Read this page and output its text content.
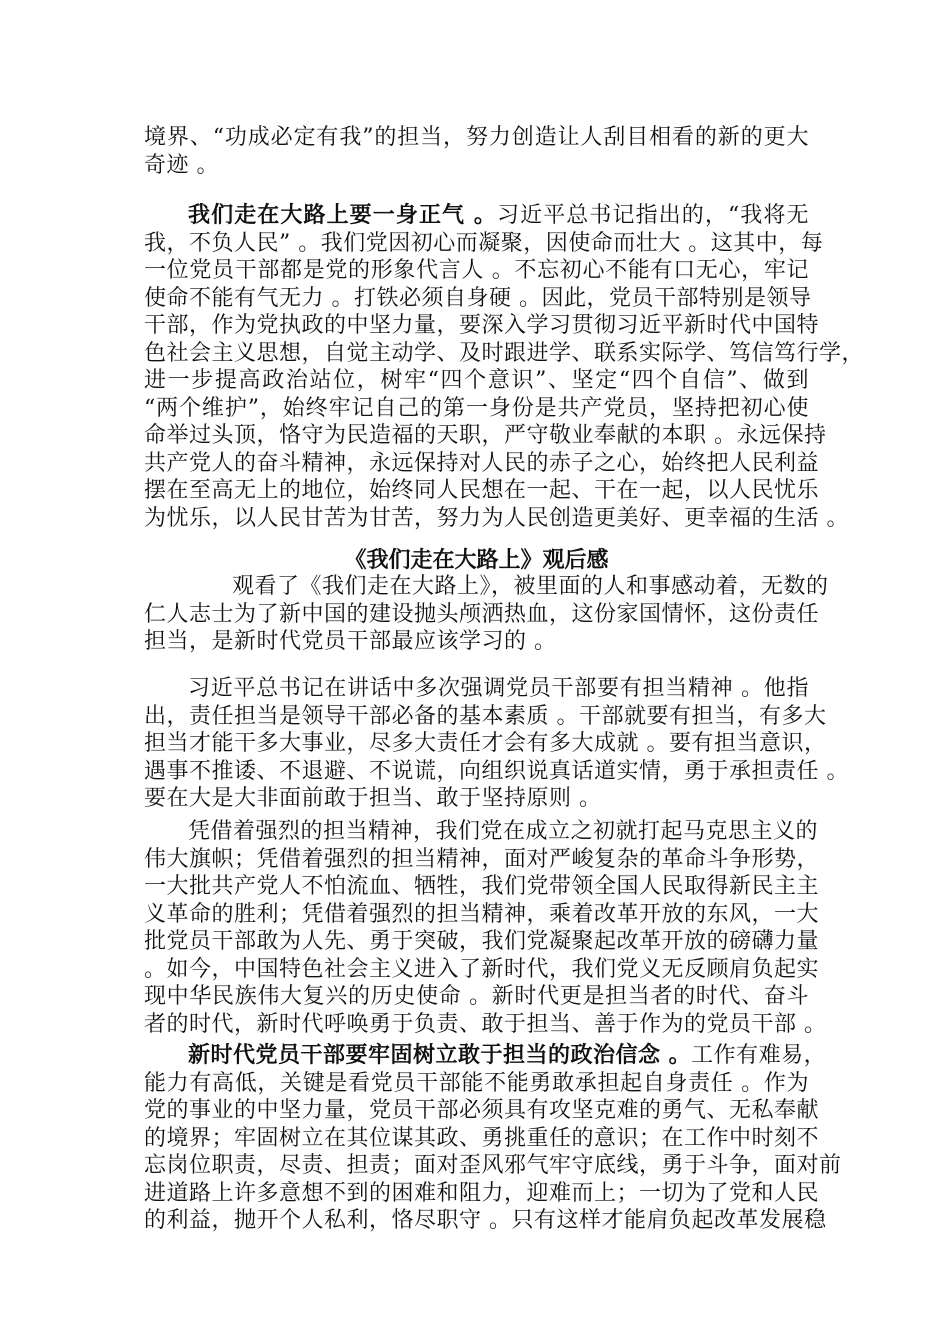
境界、“功成必定有我”的担当，努力创造让人刮目相看的新的更大
奇迹 。
我们走在大路上要一身正气 。习近平总书记指出的，“我将无
我，不负人民” 。我们党因初心而凝聚，因使命而壮大 。这其中，每
一位党员干部都是党的形象代言人 。不忘初心不能有口无心，牢记
使命不能有气无力 。打铁必须自身硬 。因此，党员干部特别是领导
干部，作为党执政的中坚力量，要深入学习贯彻习近平新时代中国特
色社会主义思想，自觉主动学、及时跟进学、联系实际学、笃信笃行学，
进一步提高政治站位，树牢“四个意识”、坚定“四个自信”、做到
“两个维护”，始终牢记自己的第一身份是共产党员，坚持把初心使
命举过头顶，恪守为民造福的天职，严守敬业奉献的本职 。永远保持
共产党人的奋斗精神，永远保持对人民的赤子之心，始终把人民利益
摆在至高无上的地位，始终同人民想在一起、干在一起，以人民忧乐
为忧乐，以人民甘苦为甘苦，努力为人民创造更美好、更幸福的生活 。
《我们走在大路上》观后感
观看了《我们走在大路上》，被里面的人和事感动着，无数的
仁人志士为了新中国的建设抛头颅洒热血，这份家国情怀，这份责任
担当，是新时代党员干部最应该学习的 。
习近平总书记在讲话中多次强调党员干部要有担当精神 。他指
出，责任担当是领导干部必备的基本素质 。干部就要有担当，有多大
担当才能干多大事业，尽多大责任才会有多大成就 。要有担当意识，
遇事不推诿、不退避、不说谎，向组织说真话道实情，勇于承担责任 。
要在大是大非面前敢于担当、敢于坚持原则 。
凭借着强烈的担当精神，我们党在成立之初就打起马克思主义的
伟大旗帜；凭借着强烈的担当精神，面对严峻复杂的革命斗争形势，
一大批共产党人不怕流血、牺牲，我们党带领全国人民取得新民主主
义革命的胜利；凭借着强烈的担当精神，乘着改革开放的东风，一大
批党员干部敢为人先、勇于突破，我们党凝聚起改革开放的磅礴力量
。如今，中国特色社会主义进入了新时代，我们党义无反顾肩负起实
现中华民族伟大复兴的历史使命 。新时代更是担当者的时代、奋斗
者的时代，新时代呼唤勇于负责、敢于担当、善于作为的党员干部 。
新时代党员干部要牢固树立敢于担当的政治信念 。工作有难易，
能力有高低，关键是看党员干部能不能勇敢承担起自身责任 。作为
党的事业的中坚力量，党员干部必须具有攻坚克难的勇气、无私奉献
的境界；牢固树立在其位谋其政、勇挑重任的意识；在工作中时刻不
忘岗位职责，尽责、担责；面对歪风邪气牢守底线，勇于斗争，面对前
进道路上许多意想不到的困难和阻力，迎难而上；一切为了党和人民
的利益，抛开个人私利，恪尽职守 。只有这样才能肩负起改革发展稳
